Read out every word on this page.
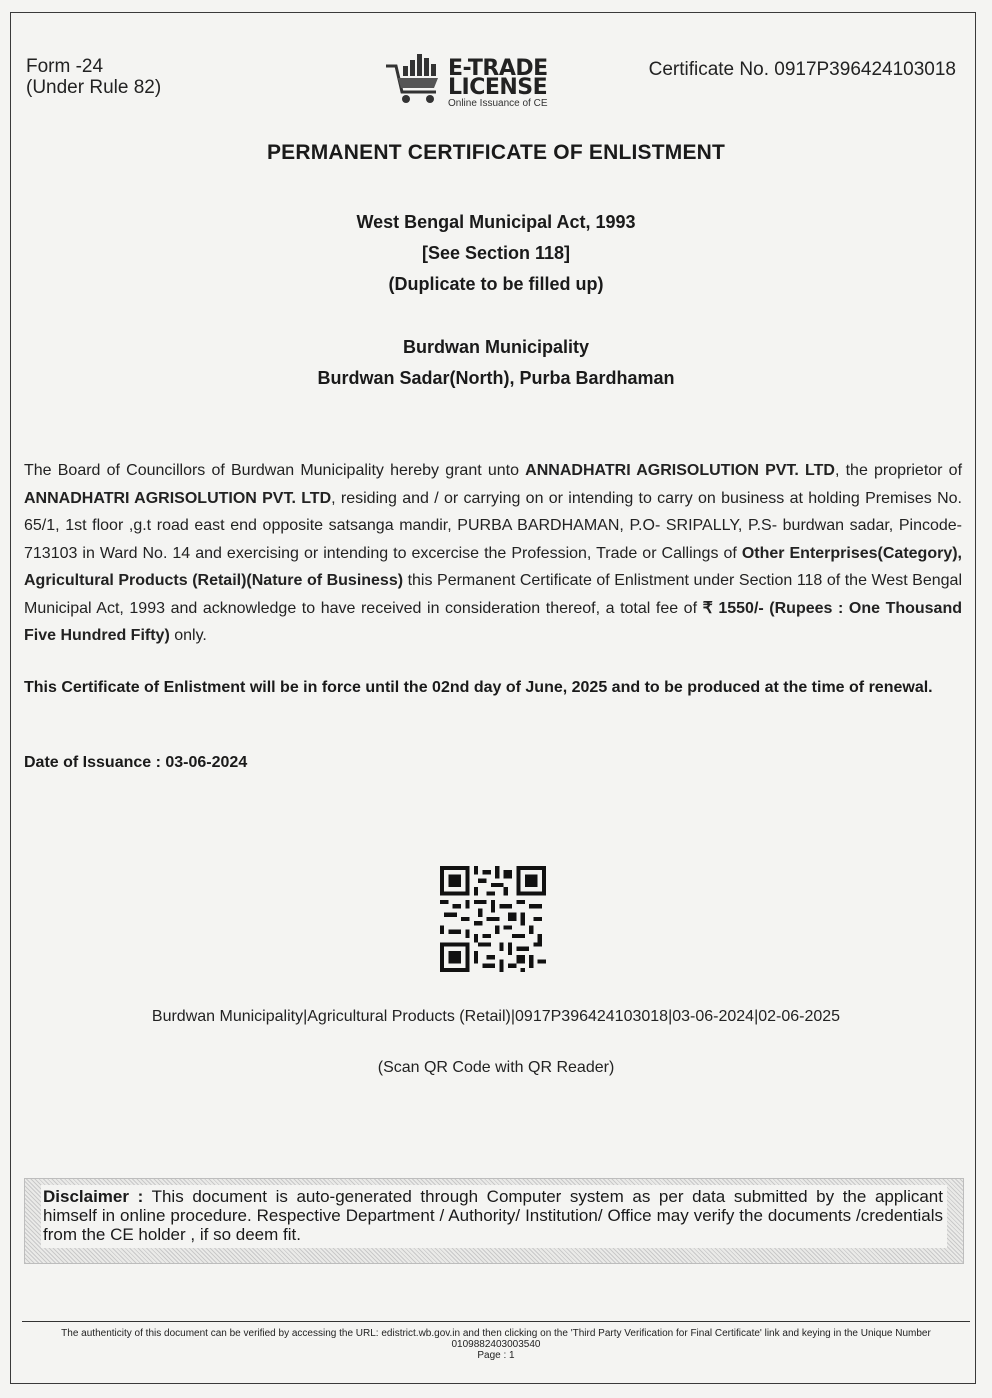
Form -24
(Under Rule 82)
E-TRADE
LICENSE
Online Issuance of CE
Certificate No. 0917P396424103018
PERMANENT CERTIFICATE OF ENLISTMENT
West Bengal Municipal Act, 1993
[See Section 118]
(Duplicate to be filled up)
Burdwan Municipality
Burdwan Sadar(North), Purba Bardhaman
The Board of Councillors of Burdwan Municipality hereby grant unto ANNADHATRI AGRISOLUTION PVT. LTD, the proprietor of ANNADHATRI AGRISOLUTION PVT. LTD, residing and / or carrying on or intending to carry on business at holding Premises No. 65/1, 1st floor ,g.t road east end opposite satsanga mandir, PURBA BARDHAMAN, P.O- SRIPALLY, P.S- burdwan sadar, Pincode- 713103 in Ward No. 14 and exercising or intending to excercise the Profession, Trade or Callings of Other Enterprises(Category), Agricultural Products (Retail)(Nature of Business) this Permanent Certificate of Enlistment under Section 118 of the West Bengal Municipal Act, 1993 and acknowledge to have received in consideration thereof, a total fee of ₹ 1550/- (Rupees : One Thousand Five Hundred Fifty) only.
This Certificate of Enlistment will be in force until the 02nd day of June, 2025 and to be produced at the time of renewal.
Date of Issuance : 03-06-2024
Burdwan Municipality|Agricultural Products (Retail)|0917P396424103018|03-06-2024|02-06-2025
(Scan QR Code with QR Reader)
Disclaimer : This document is auto-generated through Computer system as per data submitted by the applicant himself in online procedure. Respective Department / Authority/ Institution/ Office may verify the documents /credentials from the CE holder , if so deem fit.
The authenticity of this document can be verified by accessing the URL: edistrict.wb.gov.in and then clicking on the 'Third Party Verification for Final Certificate' link and keying in the Unique Number 0109882403003540
Page : 1
